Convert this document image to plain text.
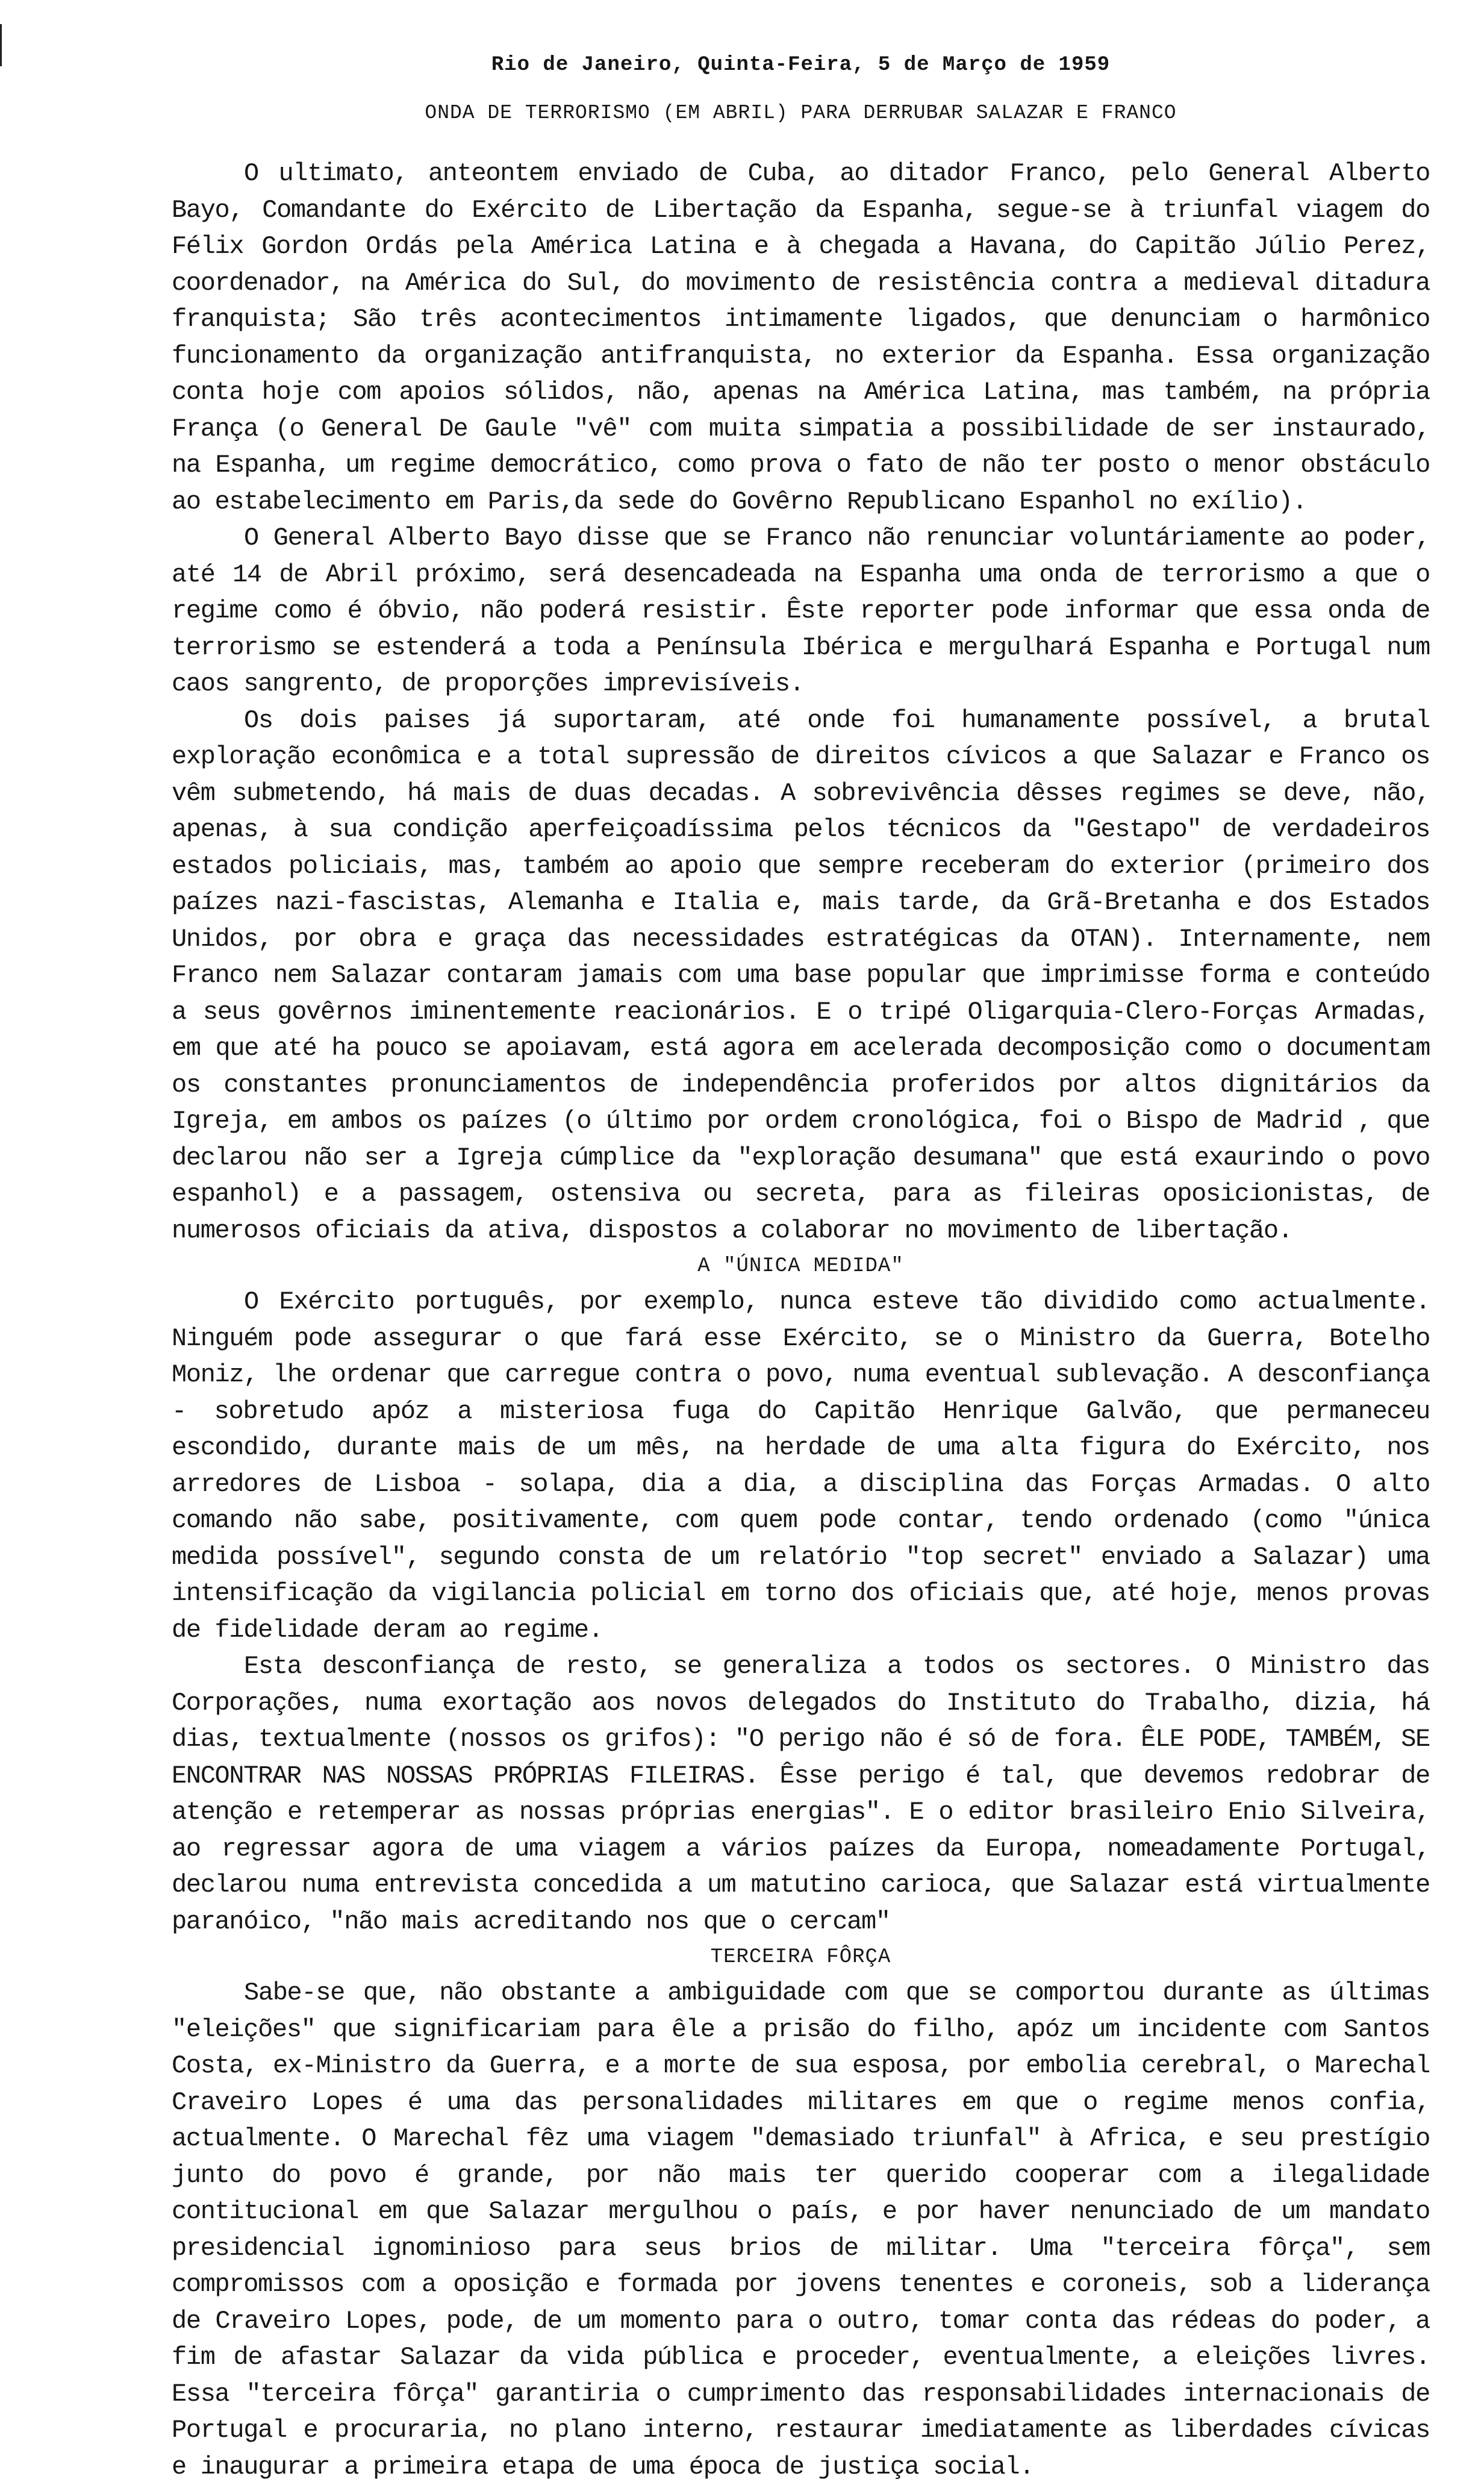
Rio de Janeiro, Quinta-Feira, 5 de Março de 1959

ONDA DE TERRORISMO (EM ABRIL) PARA DERRUBAR SALAZAR E FRANCO

O ultimato, anteontem enviado de Cuba, ao ditador Franco, pelo General Alberto Bayo, Comandante do Exército de Libertação da Espanha, segue-se à triunfal viagem do Félix Gordon Ordás pela América Latina e à chegada a Havana, do Capitão Júlio Perez, coordenador, na América do Sul, do movimento de resistência contra a medieval ditadura franquista; São três acontecimentos intimamente ligados, que denunciam o harmônico funcionamento da organização antifranquista, no exterior da Espanha. Essa organização conta hoje com apoios sólidos, não, apenas na América Latina, mas também, na própria França (o General De Gaule "vê" com muita simpatia a possibilidade de ser instaurado, na Espanha, um regime democrático, como prova o fato de não ter posto o menor obstáculo ao estabelecimento em Paris,da sede do Govêrno Republicano Espanhol no exílio).

O General Alberto Bayo disse que se Franco não renunciar voluntáriamente ao poder, até 14 de Abril próximo, será desencadeada na Espanha uma onda de terrorismo a que o regime como é óbvio, não poderá resistir. Êste reporter pode informar que essa onda de terrorismo se estenderá a toda a Península Ibérica e mergulhará Espanha e Portugal num caos sangrento, de proporções imprevisíveis.

Os dois paises já suportaram, até onde foi humanamente possível, a brutal exploração econômica e a total supressão de direitos cívicos a que Salazar e Franco os vêm submetendo, há mais de duas decadas. A sobrevivência dêsses regimes se deve, não, apenas, à sua condição aperfeiçoadíssima pelos técnicos da "Gestapo" de verdadeiros estados policiais, mas, também ao apoio que sempre receberam do exterior (primeiro dos paízes nazi-fascistas, Alemanha e Italia e, mais tarde, da Grã-Bretanha e dos Estados Unidos, por obra e graça das necessidades estratégicas da OTAN). Internamente, nem Franco nem Salazar contaram jamais com uma base popular que imprimisse forma e conteúdo a seus govêrnos iminentemente reacionários. E o tripé Oligarquia-Clero-Forças Armadas, em que até ha pouco se apoiavam, está agora em acelerada decomposição como o documentam os constantes pronunciamentos de independência proferidos por altos dignitários da Igreja, em ambos os paízes (o último por ordem cronológica, foi o Bispo de Madrid , que declarou não ser a Igreja cúmplice da "exploração desumana" que está exaurindo o povo espanhol) e a passagem, ostensiva ou secreta, para as fileiras oposicionistas, de numerosos oficiais da ativa, dispostos a colaborar no movimento de libertação.

A "ÚNICA MEDIDA"

O Exército português, por exemplo, nunca esteve tão dividido como actualmente. Ninguém pode assegurar o que fará esse Exército, se o Ministro da Guerra, Botelho Moniz, lhe ordenar que carregue contra o povo, numa eventual sublevação. A desconfiança - sobretudo apóz a misteriosa fuga do Capitão Henrique Galvão, que permaneceu escondido, durante mais de um mês, na herdade de uma alta figura do Exército, nos arredores de Lisboa - solapa, dia a dia, a disciplina das Forças Armadas. O alto comando não sabe, positivamente, com quem pode contar, tendo ordenado (como "única medida possível", segundo consta de um relatório "top secret" enviado a Salazar) uma intensificação da vigilancia policial em torno dos oficiais que, até hoje, menos provas de fidelidade deram ao regime.

Esta desconfiança de resto, se generaliza a todos os sectores. O Ministro das Corporações, numa exortação aos novos delegados do Instituto do Trabalho, dizia, há dias, textualmente (nossos os grifos): "O perigo não é só de fora. ÊLE PODE, TAMBÉM, SE ENCONTRAR NAS NOSSAS PRÓPRIAS FILEIRAS. Êsse perigo é tal, que devemos redobrar de atenção e retemperar as nossas próprias energias". E o editor brasileiro Enio Silveira, ao regressar agora de uma viagem a vários paízes da Europa, nomeadamente Portugal, declarou numa entrevista concedida a um matutino carioca, que Salazar está virtualmente paranóico, "não mais acreditando nos que o cercam"

TERCEIRA FÔRÇA

Sabe-se que, não obstante a ambiguidade com que se comportou durante as últimas "eleições" que significariam para êle a prisão do filho, apóz um incidente com Santos Costa, ex-Ministro da Guerra, e a morte de sua esposa, por embolia cerebral, o Marechal Craveiro Lopes é uma das personalidades militares em que o regime menos confia, actualmente. O Marechal fêz uma viagem "demasiado triunfal" à Africa, e seu prestígio junto do povo é grande, por não mais ter querido cooperar com a ilegalidade contitucional em que Salazar mergulhou o país, e por haver nenunciado de um mandato presidencial ignominioso para seus brios de militar. Uma "terceira fôrça", sem compromissos com a oposição e formada por jovens tenentes e coroneis, sob a liderança de Craveiro Lopes, pode, de um momento para o outro, tomar conta das rédeas do poder, a fim de afastar Salazar da vida pública e proceder, eventualmente, a eleições livres. Essa "terceira fôrça" garantiria o cumprimento das responsabilidades internacionais de Portugal e procuraria, no plano interno, restaurar imediatamente as liberdades cívicas e inaugurar a primeira etapa de uma época de justiça social.
